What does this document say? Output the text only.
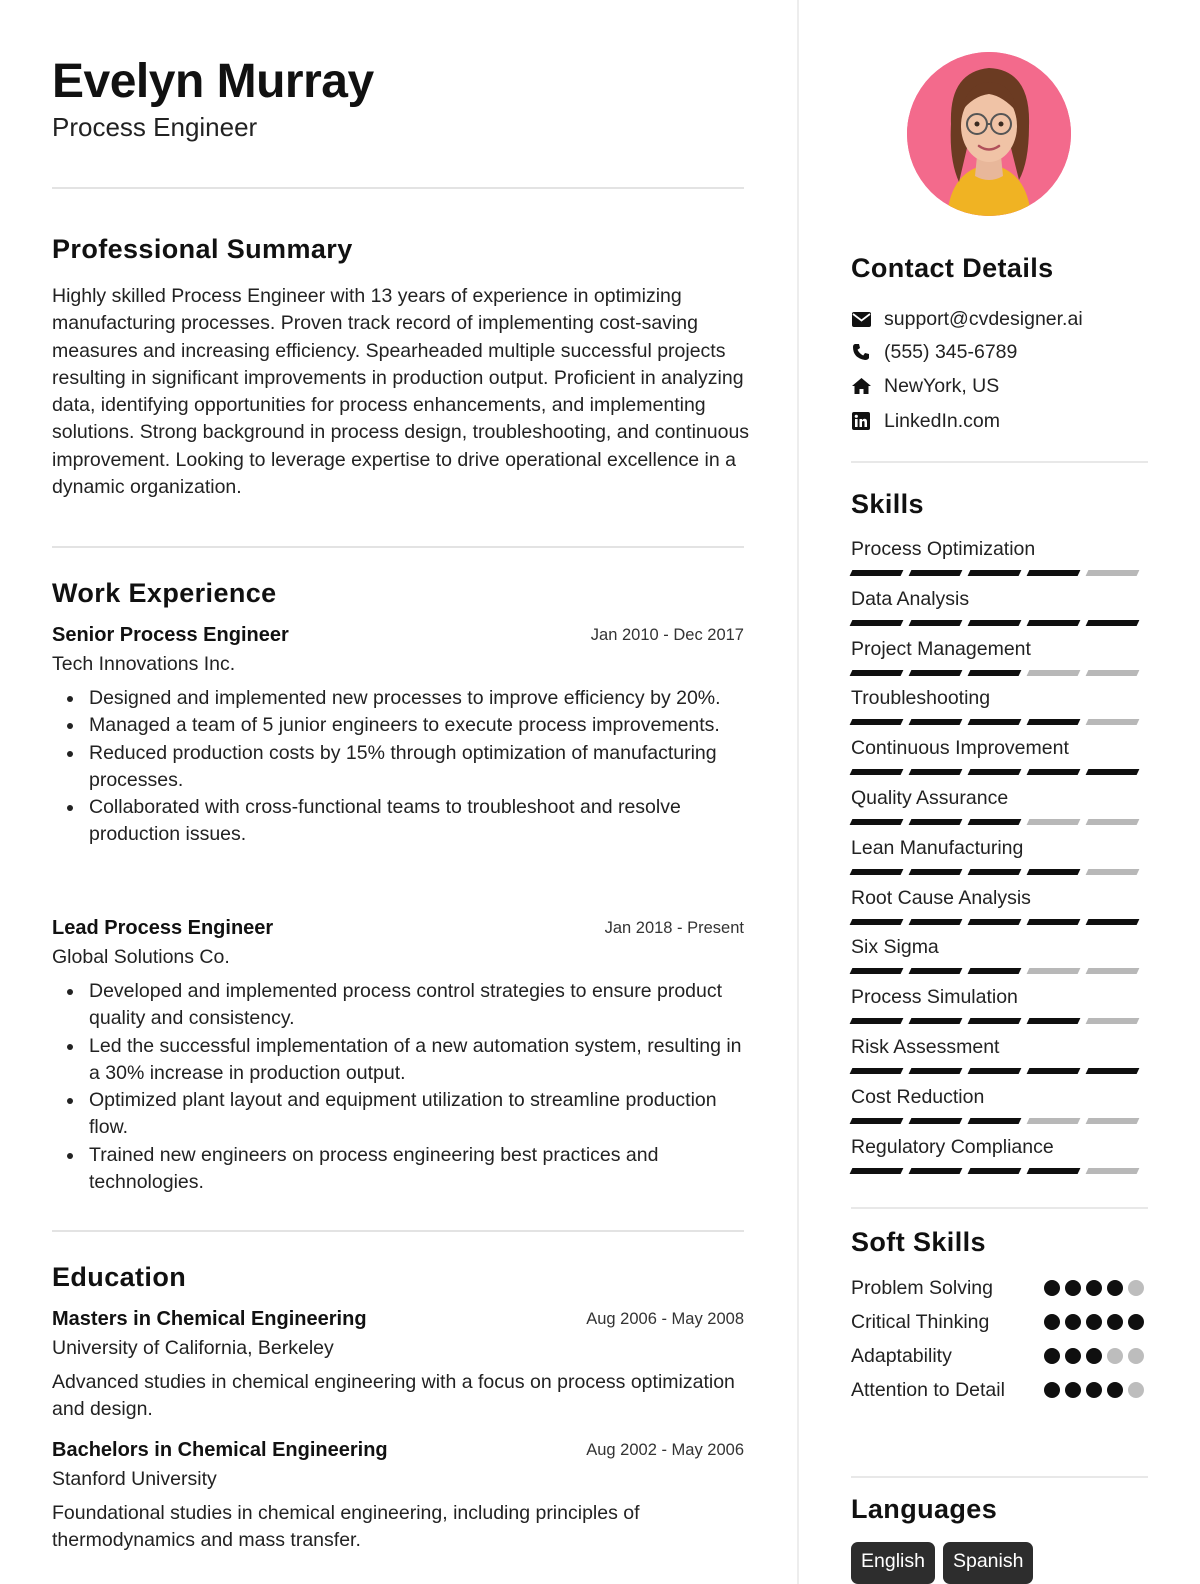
Evelyn Murray
Process Engineer
Professional Summary
Highly skilled Process Engineer with 13 years of experience in optimizing manufacturing processes. Proven track record of implementing cost-saving measures and increasing efficiency. Spearheaded multiple successful projects resulting in significant improvements in production output. Proficient in analyzing data, identifying opportunities for process enhancements, and implementing solutions. Strong background in process design, troubleshooting, and continuous improvement. Looking to leverage expertise to drive operational excellence in a dynamic organization.
Work Experience
Senior Process Engineer	Jan 2010 - Dec 2017
Tech Innovations Inc.
Designed and implemented new processes to improve efficiency by 20%.
Managed a team of 5 junior engineers to execute process improvements.
Reduced production costs by 15% through optimization of manufacturing processes.
Collaborated with cross-functional teams to troubleshoot and resolve production issues.
Lead Process Engineer	Jan 2018 - Present
Global Solutions Co.
Developed and implemented process control strategies to ensure product quality and consistency.
Led the successful implementation of a new automation system, resulting in a 30% increase in production output.
Optimized plant layout and equipment utilization to streamline production flow.
Trained new engineers on process engineering best practices and technologies.
Education
Masters in Chemical Engineering	Aug 2006 - May 2008
University of California, Berkeley
Advanced studies in chemical engineering with a focus on process optimization and design.
Bachelors in Chemical Engineering	Aug 2002 - May 2006
Stanford University
Foundational studies in chemical engineering, including principles of thermodynamics and mass transfer.
Contact Details
support@cvdesigner.ai
(555) 345-6789
NewYork, US
LinkedIn.com
Skills
Process Optimization
Data Analysis
Project Management
Troubleshooting
Continuous Improvement
Quality Assurance
Lean Manufacturing
Root Cause Analysis
Six Sigma
Process Simulation
Risk Assessment
Cost Reduction
Regulatory Compliance
Soft Skills
Problem Solving
Critical Thinking
Adaptability
Attention to Detail
Languages
English	Spanish
